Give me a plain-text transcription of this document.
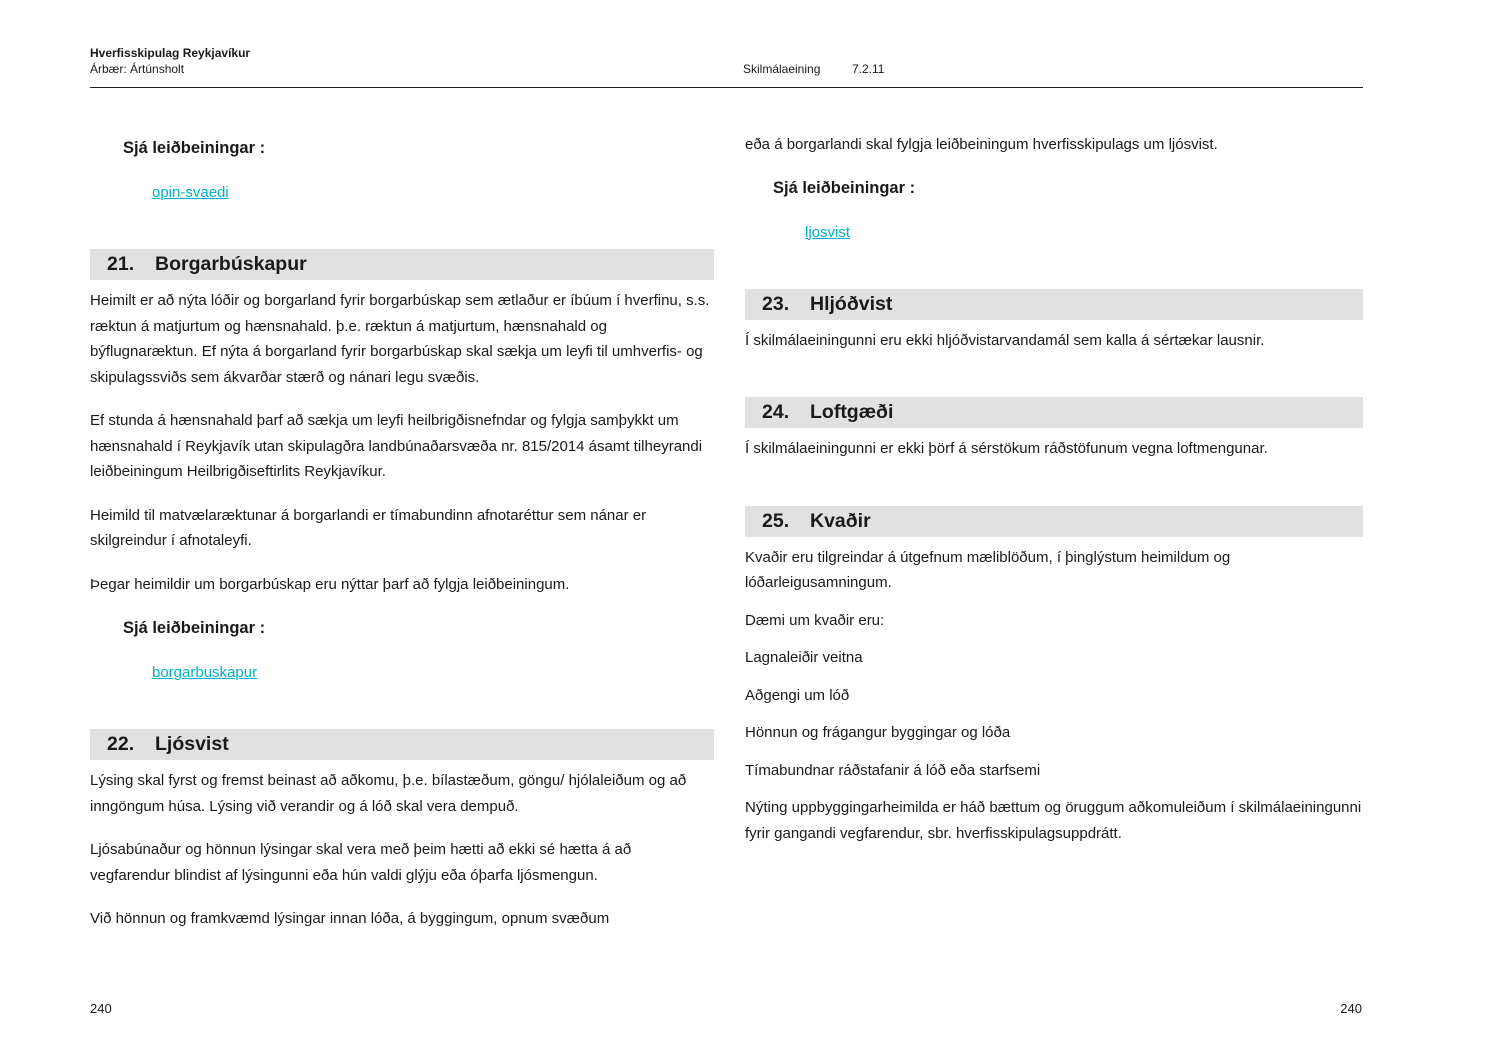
Hverfisskipulag Reykjavíkur
Árbær: Ártúnsholt	Skilmálaeining	7.2.11
Sjá leiðbeiningar :
opin-svaedi
21. Borgarbúskapur
Heimilt er að nýta lóðir og borgarland fyrir borgarbúskap sem ætlaður er íbúum í hverfinu, s.s. ræktun á matjurtum og hænsnahald. þ.e. ræktun á matjurtum, hænsnahald og býflugnaræktun. Ef nýta á borgarland fyrir borgarbúskap skal sækja um leyfi til umhverfis- og skipulagssviðs sem ákvarðar stærð og nánari legu svæðis.
Ef stunda á hænsnahald þarf að sækja um leyfi heilbrigðisnefndar og fylgja samþykkt um hænsnahald í Reykjavík utan skipulagðra landbúnaðarsvæða nr. 815/2014 ásamt tilheyrandi leiðbeiningum Heilbrigðiseftirlits Reykjavíkur.
Heimild til matvælaræktunar á borgarlandi er tímabundinn afnotaréttur sem nánar er skilgreindur í afnotaleyfi.
Þegar heimildir um borgarbúskap eru nýttar þarf að fylgja leiðbeiningum.
Sjá leiðbeiningar :
borgarbuskapur
22. Ljósvist
Lýsing skal fyrst og fremst beinast að aðkomu, þ.e. bílastæðum, göngu/ hjólaleiðum og að inngöngum húsa. Lýsing við verandir og á lóð skal vera dempuð.
Ljósabúnaður og hönnun lýsingar skal vera með þeim hætti að ekki sé hætta á að vegfarendur blindist af lýsingunni eða hún valdi glýju eða óþarfa ljósmengun.
Við hönnun og framkvæmd lýsingar innan lóða, á byggingum, opnum svæðum
eða á borgarlandi skal fylgja leiðbeiningum hverfisskipulags um ljósvist.
Sjá leiðbeiningar :
ljosvist
23. Hljóðvist
Í skilmálaeiningunni eru ekki hljóðvistarvandamál sem kalla á sértækar lausnir.
24. Loftgæði
Í skilmálaeiningunni er ekki þörf á sérstökum ráðstöfunum vegna loftmengunar.
25. Kvaðir
Kvaðir eru tilgreindar á útgefnum mæliblöðum, í þinglýstum heimildum og lóðarleigusamningum.
Dæmi um kvaðir eru:
Lagnaleiðir veitna
Aðgengi um lóð
Hönnun og frágangur byggingar og lóða
Tímabundnar ráðstafanir á lóð eða starfsemi
Nýting uppbyggingarheimilda er háð bættum og öruggum aðkomuleiðum í skilmálaeiningunni fyrir gangandi vegfarendur, sbr. hverfisskipulagsuppdrátt.
240	240
